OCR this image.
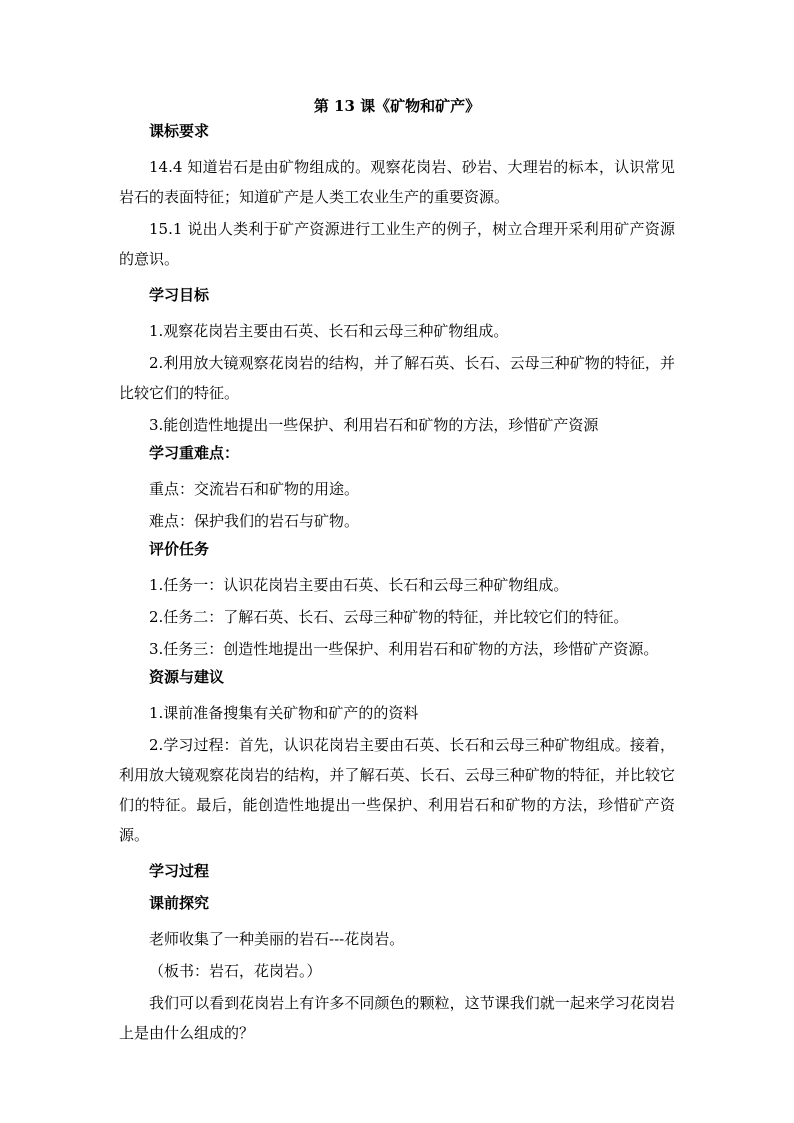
第 13 课《矿物和矿产》
课标要求
14.4 知道岩石是由矿物组成的。观察花岗岩、砂岩、大理岩的标本，认识常见岩石的表面特征；知道矿产是人类工农业生产的重要资源。
15.1 说出人类利于矿产资源进行工业生产的例子，树立合理开采利用矿产资源的意识。
学习目标
1.观察花岗岩主要由石英、长石和云母三种矿物组成。
2.利用放大镜观察花岗岩的结构，并了解石英、长石、云母三种矿物的特征，并比较它们的特征。
3.能创造性地提出一些保护、利用岩石和矿物的方法，珍惜矿产资源
学习重难点：
重点：交流岩石和矿物的用途。
难点：保护我们的岩石与矿物。
评价任务
1.任务一：认识花岗岩主要由石英、长石和云母三种矿物组成。
2.任务二：了解石英、长石、云母三种矿物的特征，并比较它们的特征。
3.任务三：创造性地提出一些保护、利用岩石和矿物的方法，珍惜矿产资源。
资源与建议
1.课前准备搜集有关矿物和矿产的的资料
2.学习过程：首先，认识花岗岩主要由石英、长石和云母三种矿物组成。接着，利用放大镜观察花岗岩的结构，并了解石英、长石、云母三种矿物的特征，并比较它们的特征。最后，能创造性地提出一些保护、利用岩石和矿物的方法，珍惜矿产资源。
学习过程
课前探究
老师收集了一种美丽的岩石---花岗岩。
（板书：岩石，花岗岩。）
我们可以看到花岗岩上有许多不同颜色的颗粒，这节课我们就一起来学习花岗岩上是由什么组成的？
